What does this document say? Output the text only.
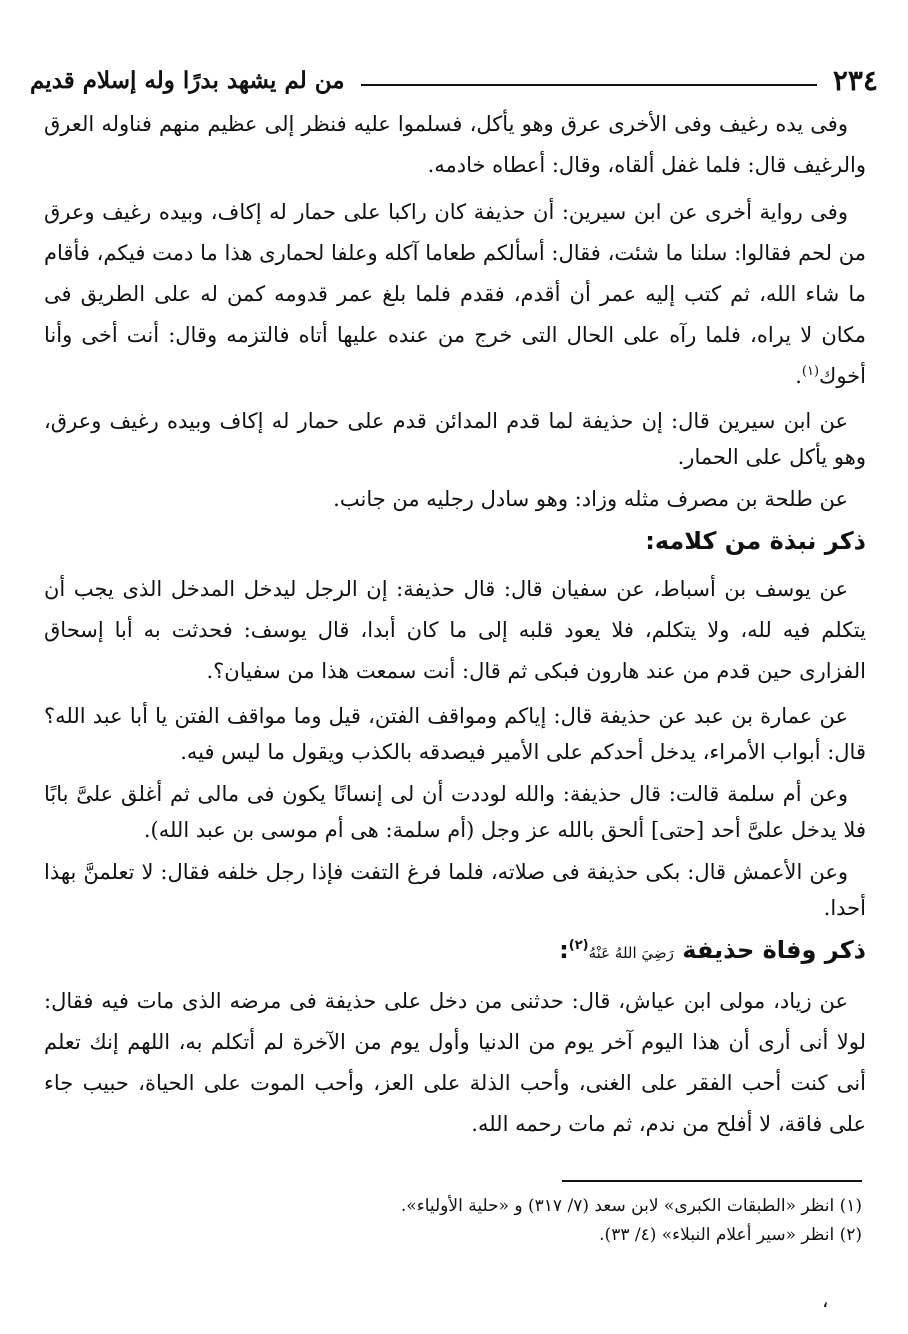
٢٣٤
من لم يشهد بدرًا وله إسلام قديم

وفى يده رغيف وفى الأخرى عرق وهو يأكل، فسلموا عليه فنظر إلى عظيم منهم فناوله العرق والرغيف قال: فلما غفل ألقاه، وقال: أعطاه خادمه.

وفى رواية أخرى عن ابن سيرين: أن حذيفة كان راكبا على حمار له إكاف، وبيده رغيف وعرق من لحم فقالوا: سلنا ما شئت، فقال: أسألكم طعاما آكله وعلفا لحمارى هذا ما دمت فيكم، فأقام ما شاء الله، ثم كتب إليه عمر أن أقدم، فقدم فلما بلغ عمر قدومه كمن له على الطريق فى مكان لا يراه، فلما رآه على الحال التى خرج من عنده عليها أتاه فالتزمه وقال: أنت أخى وأنا أخوك$^{(١)}$.

عن ابن سيرين قال: إن حذيفة لما قدم المدائن قدم على حمار له إكاف وبيده رغيف وعرق، وهو يأكل على الحمار.

عن طلحة بن مصرف مثله وزاد: وهو سادل رجليه من جانب.

ذكر نبذة من كلامه:

عن يوسف بن أسباط، عن سفيان قال: قال حذيفة: إن الرجل ليدخل المدخل الذى يجب أن يتكلم فيه لله، ولا يتكلم، فلا يعود قلبه إلى ما كان أبدا، قال يوسف: فحدثت به أبا إسحاق الفزارى حين قدم من عند هارون فبكى ثم قال: أنت سمعت هذا من سفيان؟.

عن عمارة بن عبد عن حذيفة قال: إياكم ومواقف الفتن، قيل وما مواقف الفتن يا أبا عبد الله؟ قال: أبواب الأمراء، يدخل أحدكم على الأمير فيصدقه بالكذب ويقول ما ليس فيه.

وعن أم سلمة قالت: قال حذيفة: والله لوددت أن لى إنسانًا يكون فى مالى ثم أغلق علىَّ بابًا فلا يدخل علىَّ أحد [حتى] ألحق بالله عز وجل (أم سلمة: هى أم موسى بن عبد الله).

وعن الأعمش قال: بكى حذيفة فى صلاته، فلما فرغ التفت فإذا رجل خلفه فقال: لا تعلمنَّ بهذا أحدا.

ذكر وفاة حذيفة رَضِيَ اللهُ عَنْهُ$^{(٢)}$:

عن زياد، مولى ابن عياش، قال: حدثنى من دخل على حذيفة فى مرضه الذى مات فيه فقال: لولا أنى أرى أن هذا اليوم آخر يوم من الدنيا وأول يوم من الآخرة لم أتكلم به، اللهم إنك تعلم أنى كنت أحب الفقر على الغنى، وأحب الذلة على العز، وأحب الموت على الحياة، حبيب جاء على فاقة، لا أفلح من ندم، ثم مات رحمه الله.

(١) انظر «الطبقات الكبرى» لابن سعد (٧/ ٣١٧) و «حلية الأولياء».

(٢) انظر «سير أعلام النبلاء» (٤/ ٣٣).

،
